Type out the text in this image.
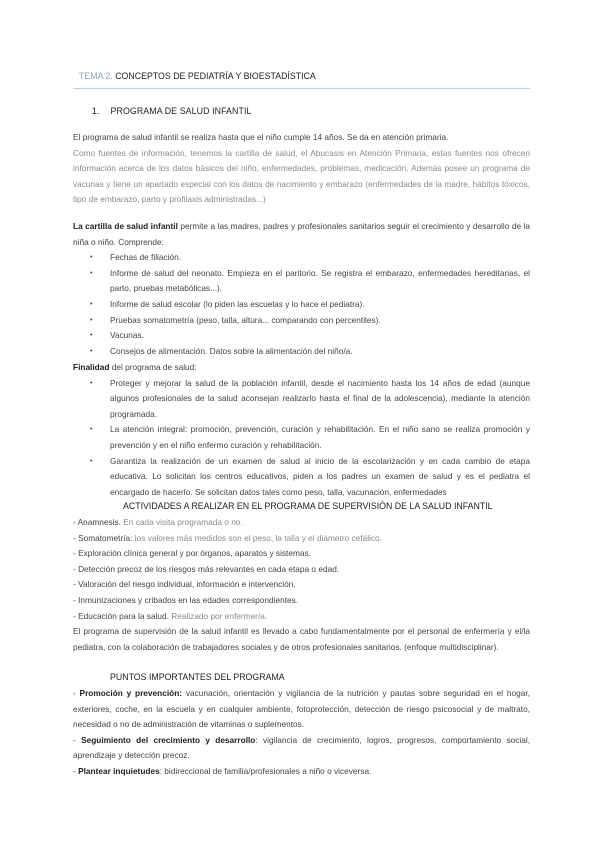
TEMA 2. CONCEPTOS DE PEDIATRÍA Y BIOESTADÍSTICA
1. PROGRAMA DE SALUD INFANTIL
El programa de salud infantil se realiza hasta que el niño cumple 14 años. Se da en atención primaria.
Como fuentes de información, tenemos la cartilla de salud, el Abucasis en Atención Primaria, estas fuentes nos ofrecen información acerca de los datos básicos del niño, enfermedades, problemas, medicación. Además posee un programa de vacunas y tiene un apartado especial con los datos de nacimiento y embarazo (enfermedades de la madre, hábitos tóxicos, tipo de embarazo, parto y profilaxis administradas...)
La cartilla de salud infantil permite a las madres, padres y profesionales sanitarios seguir el crecimiento y desarrollo de la niña o niño. Comprende:
• Fechas de filiación.
• Informe de salud del neonato. Empieza en el paritorio. Se registra el embarazo, enfermedades hereditarias, el parto, pruebas metabólicas...).
• Informe de salud escolar (lo piden las escuelas y lo hace el pediatra).
• Pruebas somatometría (peso, talla, altura... comparando con percentiles).
• Vacunas.
• Consejos de alimentación. Datos sobre la alimentación del niño/a.
Finalidad del programa de salud:
• Proteger y mejorar la salud de la población infantil, desde el nacimiento hasta los 14 años de edad (aunque algunos profesionales de la salud aconsejan realizarlo hasta el final de la adolescencia), mediante la atención programada.
• La atención integral: promoción, prevención, curación y rehabilitación. En el niño sano se realiza promoción y prevención y en el niño enfermo curación y rehabilitación.
• Garantiza la realización de un examen de salud al inicio de la escolarización y en cada cambio de etapa educativa. Lo solicitan los centros educativos, piden a los padres un examen de salud y es el pediatra el encargado de hacerlo. Se solicitan datos tales como peso, talla, vacunación, enfermedades
ACTIVIDADES A REALIZAR EN EL PROGRAMA DE SUPERVISIÓN DE LA SALUD INFANTIL
- Anamnesis. En cada visita programada o no.
- Somatometría: los valores más medidos son el peso, la talla y el diámetro cefálico.
- Exploración clínica general y por órganos, aparatos y sistemas.
- Detección precoz de los riesgos más relevantes en cada etapa o edad.
- Valoración del riesgo individual, información e intervención.
- Inmunizaciones y cribados en las edades correspondientes.
- Educación para la salud. Realizado por enfermería.
El programa de supervisión de la salud infantil es llevado a cabo fundamentalmente por el personal de enfermería y el/la pediatra, con la colaboración de trabajadores sociales y de otros profesionales sanitarios. (enfoque multidisciplinar).
PUNTOS IMPORTANTES DEL PROGRAMA
- Promoción y prevención: vacunación, orientación y vigilancia de la nutrición y pautas sobre seguridad en el hogar, exteriores, coche, en la escuela y en cualquier ambiente, fotoprotección, detección de riesgo psicosocial y de maltrato, necesidad o no de administración de vitaminas o suplementos.
- Seguimiento del crecimiento y desarrollo: vigilancia de crecimiento, logros, progresos, comportamiento social, aprendizaje y detección precoz.
- Plantear inquietudes: bidireccional de familia/profesionales a niño o viceversa.
